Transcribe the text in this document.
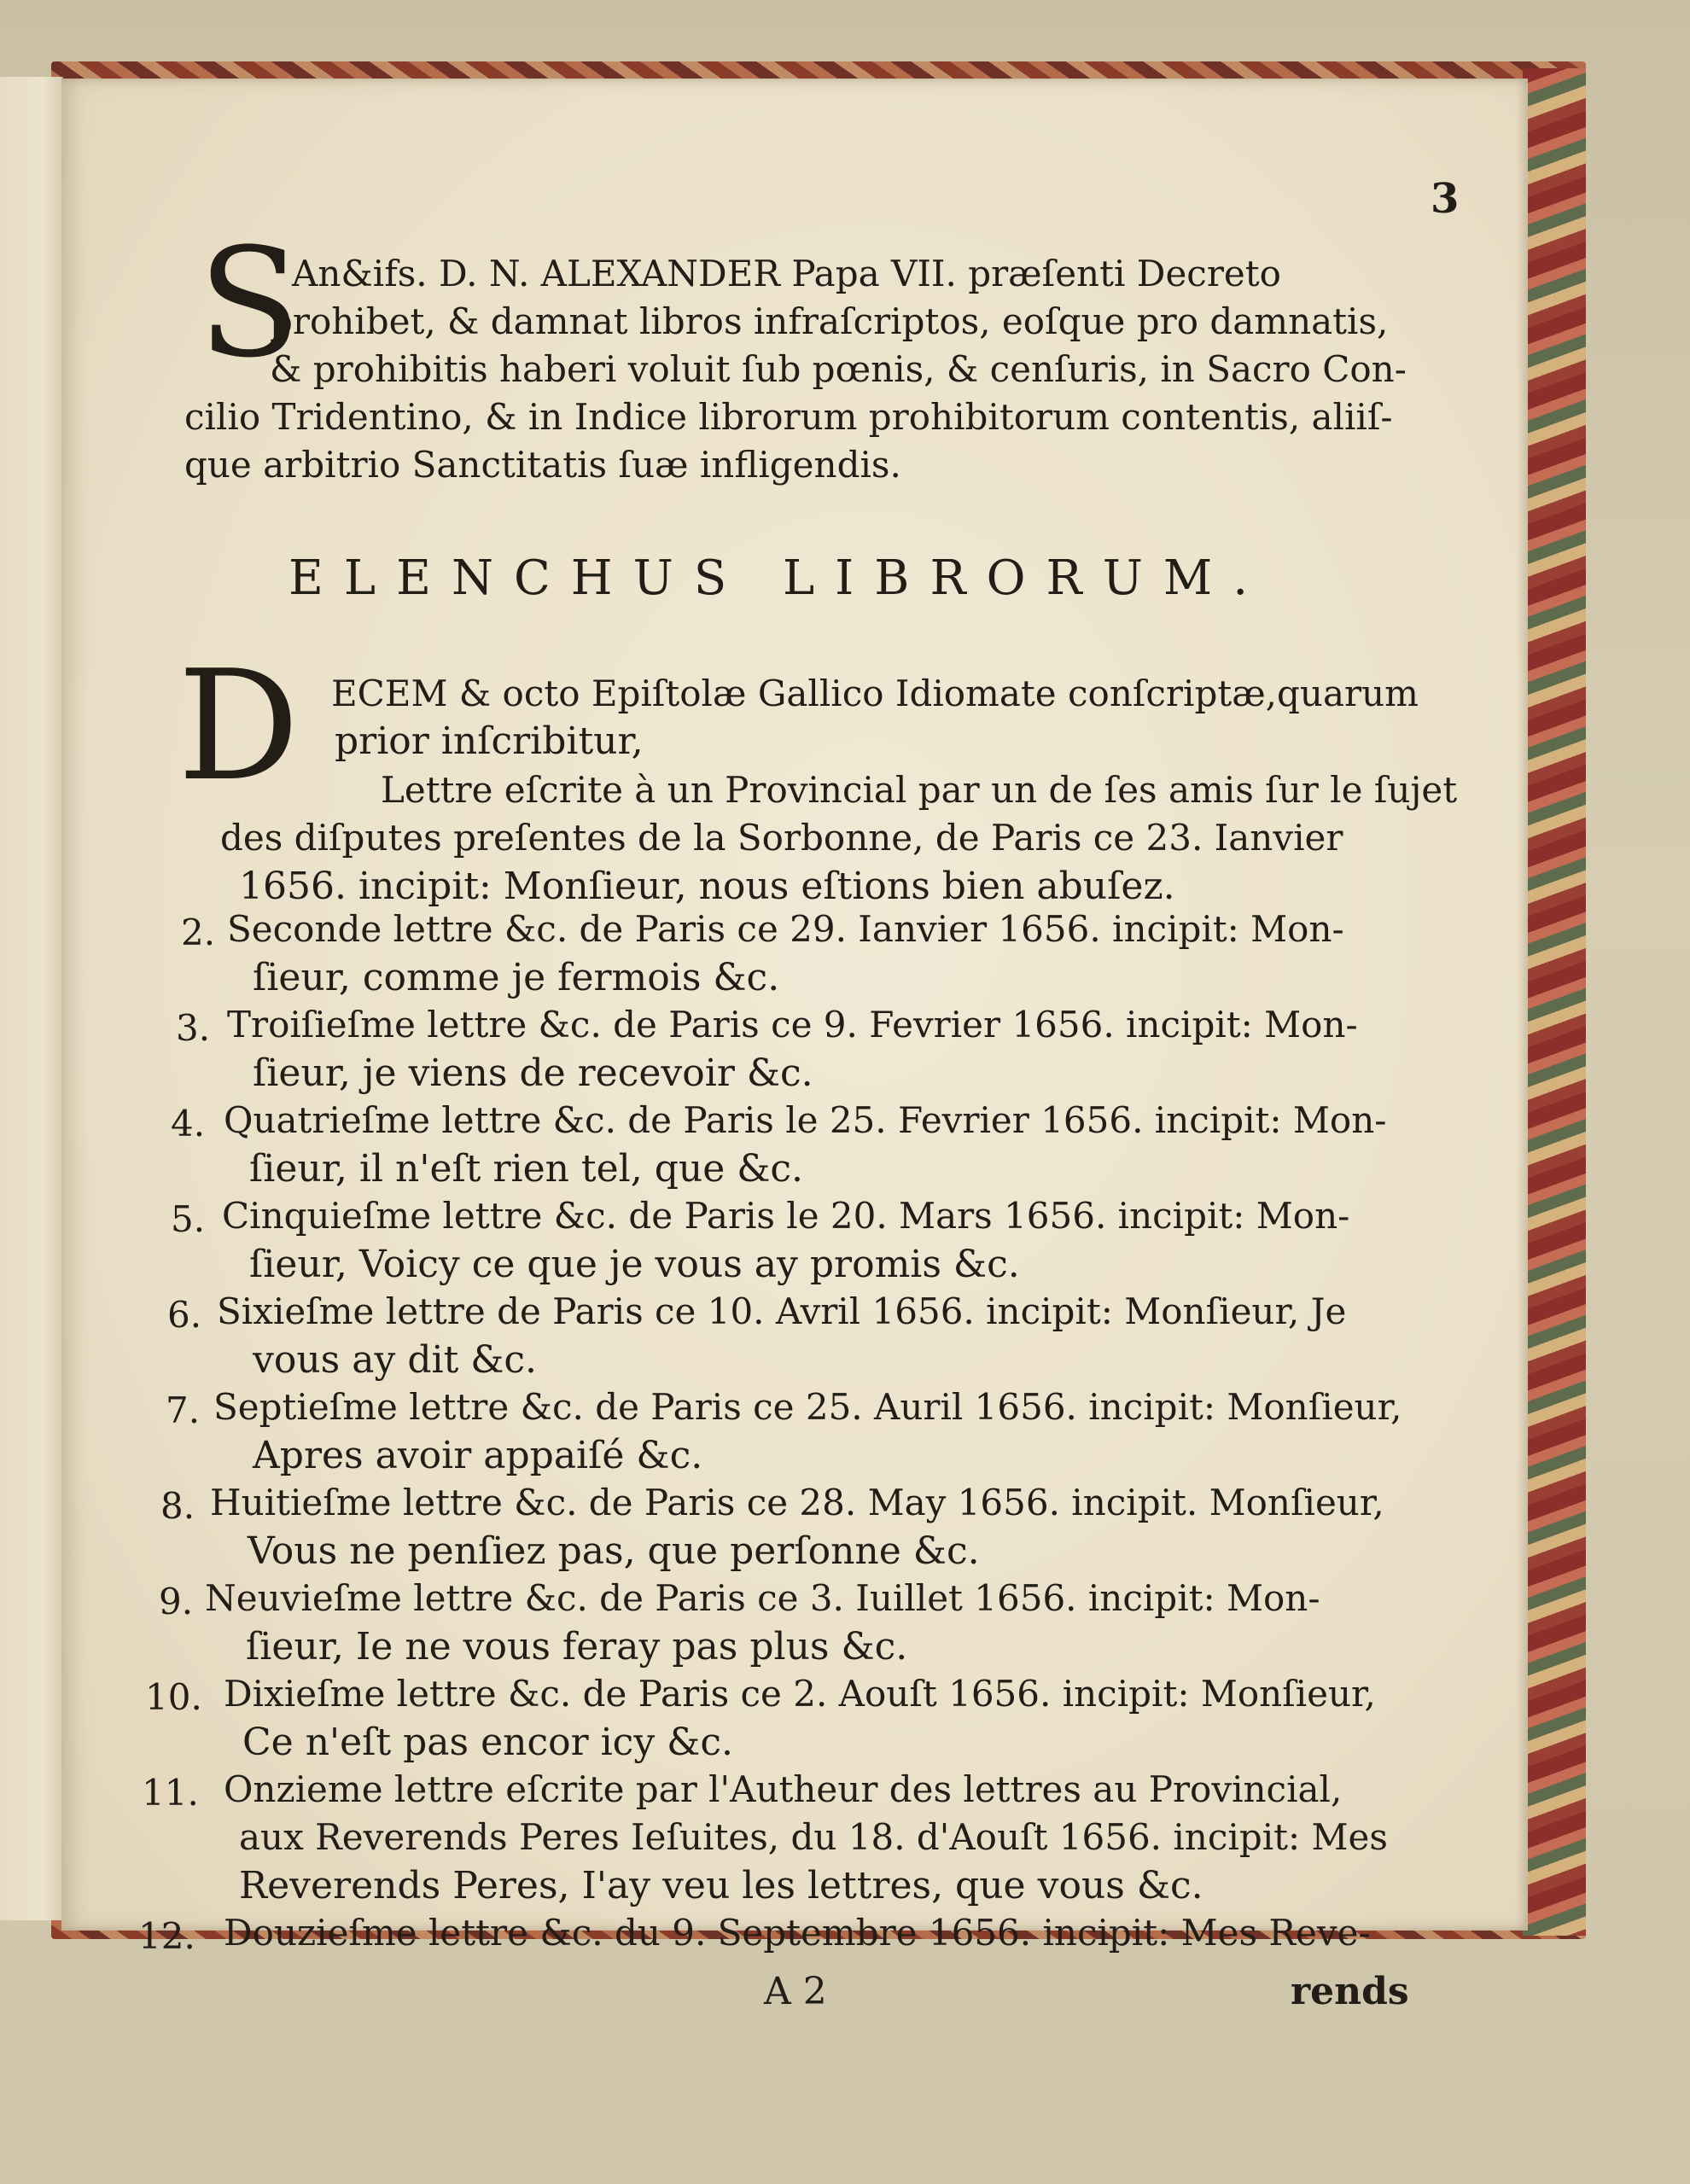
3
S
An&ifs. D. N. ALEXANDER Papa VII. præſenti Decreto
prohibet, & damnat libros infraſcriptos, eoſque pro damnatis,
& prohibitis haberi voluit ſub pœnis, & cenſuris, in Sacro Con-
cilio Tridentino, & in Indice librorum prohibitorum contentis, aliiſ-
que arbitrio Sanctitatis ſuæ infligendis.
ELENCHUS LIBRORUM.
D ECEM & octo Epiſtolæ Gallico Idiomate conſcriptæ,quarum
prior inſcribitur,
Lettre eſcrite à un Provincial par un de ſes amis ſur le ſujet
des diſputes preſentes de la Sorbonne, de Paris ce 23. Ianvier
1656. incipit: Monſieur, nous eſtions bien abuſez.
2. Seconde lettre &c. de Paris ce 29. Ianvier 1656. incipit: Mon-
ſieur, comme je fermois &c.
3. Troiſieſme lettre &c. de Paris ce 9. Fevrier 1656. incipit: Mon-
ſieur, je viens de recevoir &c.
4. Quatrieſme lettre &c. de Paris le 25. Fevrier 1656. incipit: Mon-
ſieur, il n'eſt rien tel, que &c.
5. Cinquieſme lettre &c. de Paris le 20. Mars 1656. incipit: Mon-
ſieur, Voicy ce que je vous ay promis &c.
6. Sixieſme lettre de Paris ce 10. Avril 1656. incipit: Monſieur, Je
vous ay dit &c.
7. Septieſme lettre &c. de Paris ce 25. Auril 1656. incipit: Monſieur,
Apres avoir appaiſé &c.
8. Huitieſme lettre &c. de Paris ce 28. May 1656. incipit. Monſieur,
Vous ne penſiez pas, que perſonne &c.
9. Neuvieſme lettre &c. de Paris ce 3. Iuillet 1656. incipit: Mon-
ſieur, Ie ne vous feray pas plus &c.
10. Dixieſme lettre &c. de Paris ce 2. Aouſt 1656. incipit: Monſieur,
Ce n'eſt pas encor icy &c.
11. Onzieme lettre eſcrite par l'Autheur des lettres au Provincial,
aux Reverends Peres Ieſuites, du 18. d'Aouſt 1656. incipit: Mes
Reverends Peres, I'ay veu les lettres, que vous &c.
12. Douzieſme lettre &c. du 9. Septembre 1656. incipit: Mes Reve-
A 2	rends
